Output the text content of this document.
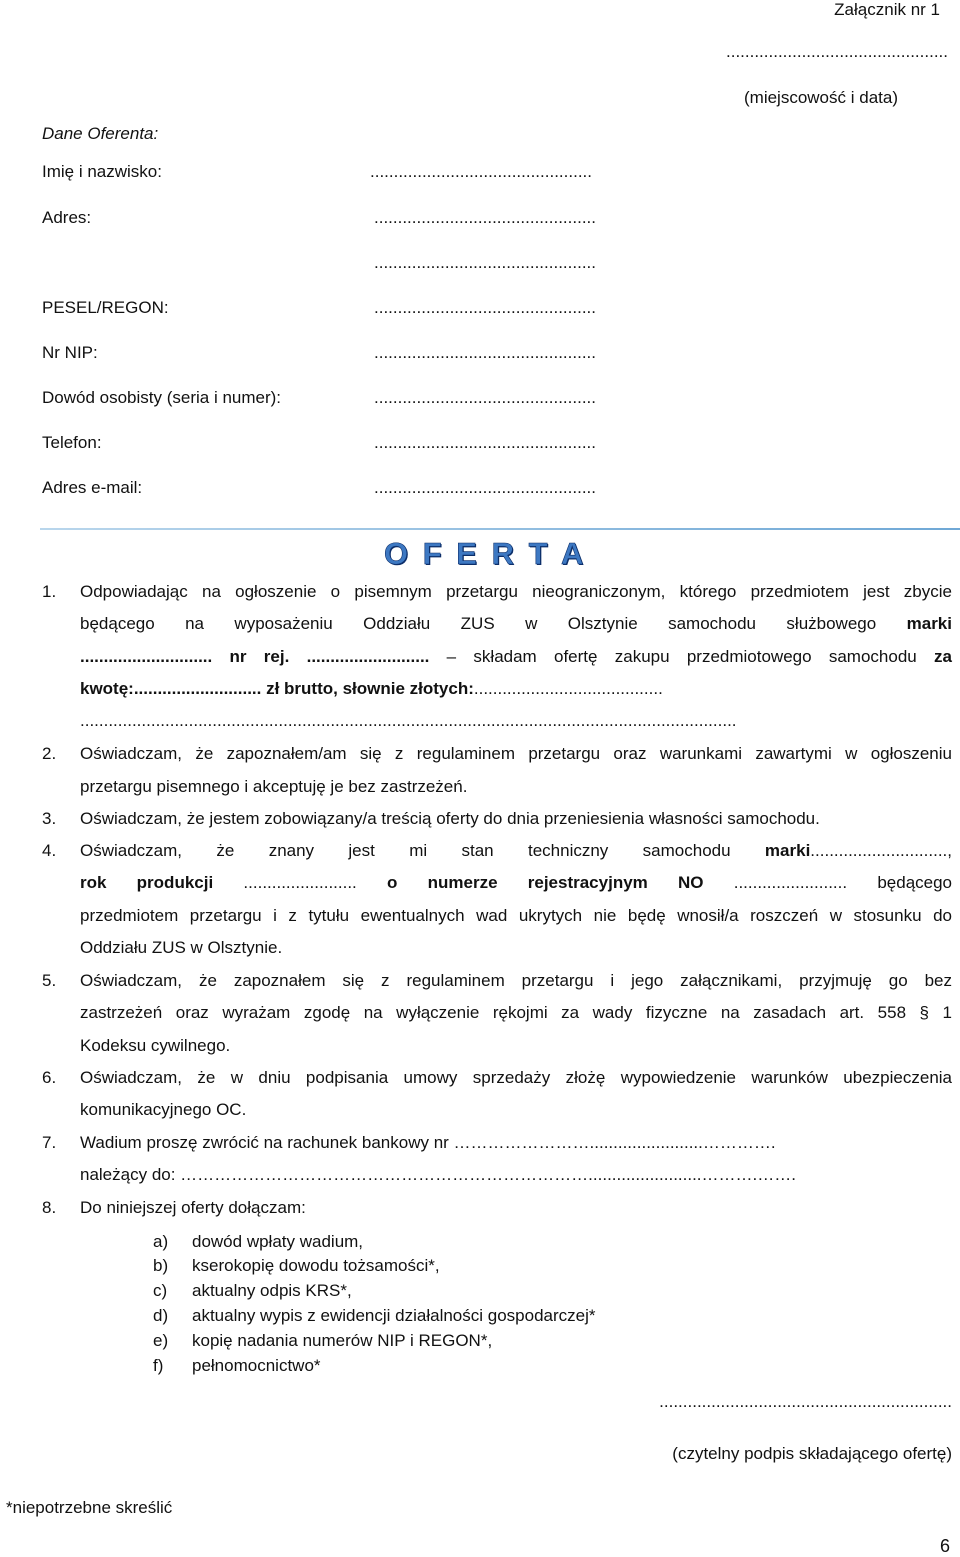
Załącznik nr 1
...............................................
(miejscowość i data)
Dane Oferenta:
Imię i nazwisko:	...............................................
Adres:	...............................................
...............................................
PESEL/REGON:	...............................................
Nr NIP:	...............................................
Dowód osobisty (seria i numer):	...............................................
Telefon:	...............................................
Adres e-mail:	...............................................
O F E R T A
1. Odpowiadając na ogłoszenie o pisemnym przetargu nieograniczonym, którego przedmiotem jest zbycie
będącego na wyposażeniu Oddziału ZUS w Olsztynie samochodu służbowego marki
............................ nr rej. .......................... – składam ofertę zakupu przedmiotowego samochodu za
kwotę:........................... zł brutto, słownie złotych:........................................
...........................................................................................................................................
2. Oświadczam, że zapoznałem/am się z regulaminem przetargu oraz warunkami zawartymi w ogłoszeniu
przetargu pisemnego i akceptuję je bez zastrzeżeń.
3. Oświadczam, że jestem zobowiązany/a treścią oferty do dnia przeniesienia własności samochodu.
4. Oświadczam, że znany jest mi stan techniczny samochodu marki.............................,
rok produkcji ........................ o numerze rejestracyjnym NO ........................ będącego
przedmiotem przetargu i z tytułu ewentualnych wad ukrytych nie będę wnosił/a roszczeń w stosunku do
Oddziału ZUS w Olsztynie.
5. Oświadczam, że zapoznałem się z regulaminem przetargu i jego załącznikami, przyjmuję go bez
zastrzeżeń oraz wyrażam zgodę na wyłączenie rękojmi za wady fizyczne na zasadach art. 558 § 1
Kodeksu cywilnego.
6. Oświadczam, że w dniu podpisania umowy sprzedaży złożę wypowiedzenie warunków ubezpieczenia
komunikacyjnego OC.
7. Wadium proszę zwrócić na rachunek bankowy nr ……………………........................………….
należący do: ………………………………………………………………........................……….…….
8. Do niniejszej oferty dołączam:
a) dowód wpłaty wadium,
b) kserokopię dowodu tożsamości*,
c) aktualny odpis KRS*,
d) aktualny wypis z ewidencji działalności gospodarczej*
e) kopię nadania numerów NIP i REGON*,
f) pełnomocnictwo*
..............................................................
(czytelny podpis składającego ofertę)
*niepotrzebne skreślić
6
